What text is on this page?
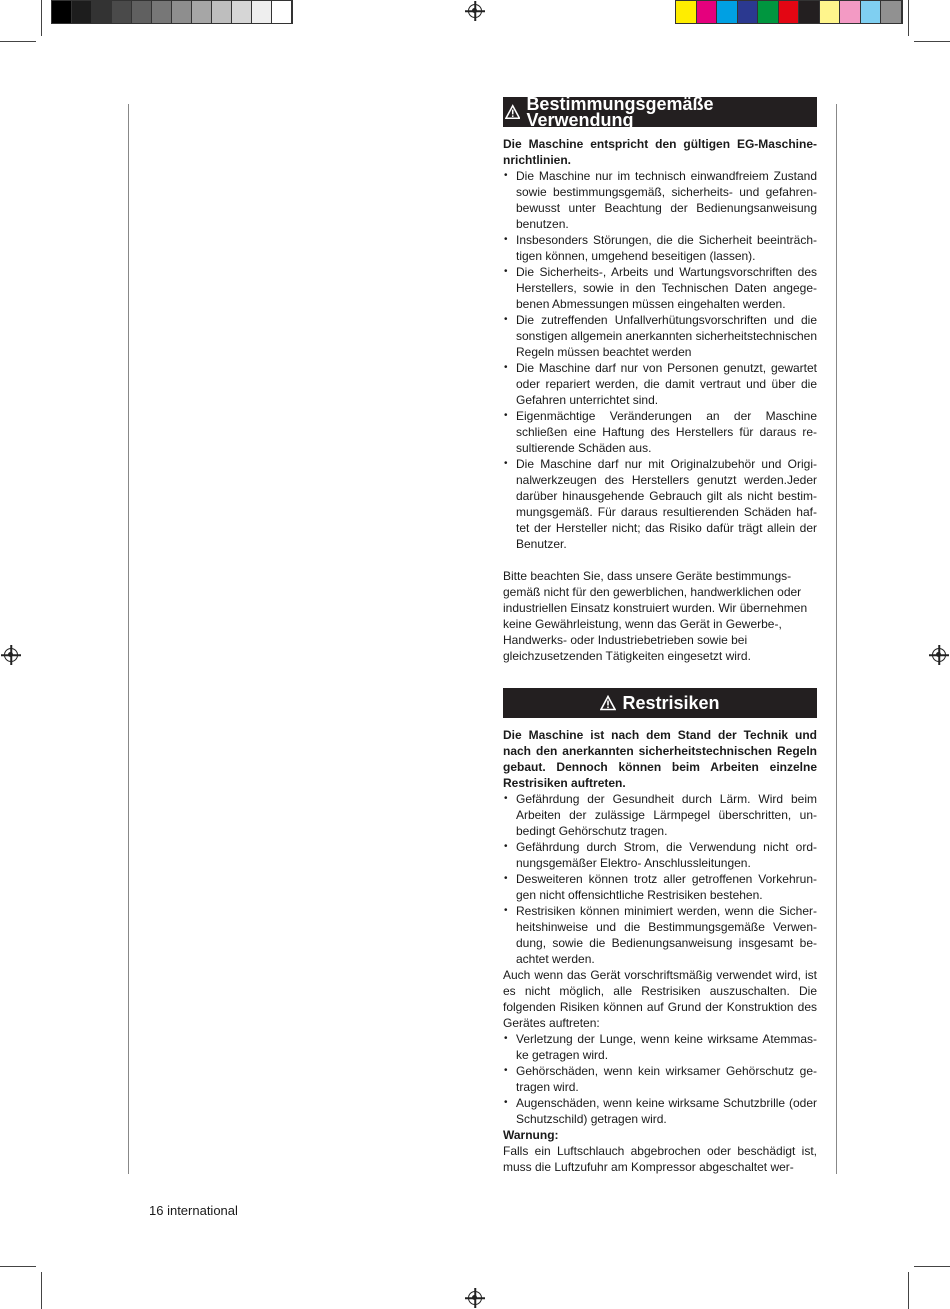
Bestimmungsgemäße Verwendung

Die Maschine entspricht den gültigen EG-Maschinenrichtlinien.

• Die Maschine nur im technisch einwandfreiem Zustand sowie bestimmungsgemäß, sicherheits- und gefahrenbewusst unter Beachtung der Bedienungsanweisung benutzen.
• Insbesonders Störungen, die die Sicherheit beeinträchtigen können, umgehend beseitigen (lassen).
• Die Sicherheits-, Arbeits und Wartungsvorschriften des Herstellers, sowie in den Technischen Daten angegebenen Abmessungen müssen eingehalten werden.
• Die zutreffenden Unfallverhütungsvorschriften und die sonstigen allgemein anerkannten sicherheitstechnischen Regeln müssen beachtet werden
• Die Maschine darf nur von Personen genutzt, gewartet oder repariert werden, die damit vertraut und über die Gefahren unterrichtet sind.
• Eigenmächtige Veränderungen an der Maschine schließen eine Haftung des Herstellers für daraus resultierende Schäden aus.
• Die Maschine darf nur mit Originalzubehör und Originalwerkzeugen des Herstellers genutzt werden.Jeder darüber hinausgehende Gebrauch gilt als nicht bestimmungsgemäß. Für daraus resultierenden Schäden haftet der Hersteller nicht; das Risiko dafür trägt allein der Benutzer.

Bitte beachten Sie, dass unsere Geräte bestimmungsgemäß nicht für den gewerblichen, handwerklichen oder industriellen Einsatz konstruiert wurden. Wir übernehmen keine Gewährleistung, wenn das Gerät in Gewerbe-, Handwerks- oder Industriebetrieben sowie bei gleichzusetzenden Tätigkeiten eingesetzt wird.

Restrisiken

Die Maschine ist nach dem Stand der Technik und nach den anerkannten sicherheitstechnischen Regeln gebaut. Dennoch können beim Arbeiten einzelne Restrisiken auftreten.

• Gefährdung der Gesundheit durch Lärm. Wird beim Arbeiten der zulässige Lärmpegel überschritten, unbedingt Gehörschutz tragen.
• Gefährdung durch Strom, die Verwendung nicht ordnungsgemäßer Elektro- Anschlussleitungen.
• Desweiteren können trotz aller getroffenen Vorkehrungen nicht offensichtliche Restrisiken bestehen.
• Restrisiken können minimiert werden, wenn die Sicherheitshinweise und die Bestimmungsgemäße Verwendung, sowie die Bedienungsanweisung insgesamt beachtet werden.

Auch wenn das Gerät vorschriftsmäßig verwendet wird, ist es nicht möglich, alle Restrisiken auszuschalten. Die folgenden Risiken können auf Grund der Konstruktion des Gerätes auftreten:

• Verletzung der Lunge, wenn keine wirksame Atemmaske getragen wird.
• Gehörschäden, wenn kein wirksamer Gehörschutz getragen wird.
• Augenschäden, wenn keine wirksame Schutzbrille (oder Schutzschild) getragen wird.

Warnung:

Falls ein Luftschlauch abgebrochen oder beschädigt ist, muss die Luftzufuhr am Kompressor abgeschaltet wer-

16 international
